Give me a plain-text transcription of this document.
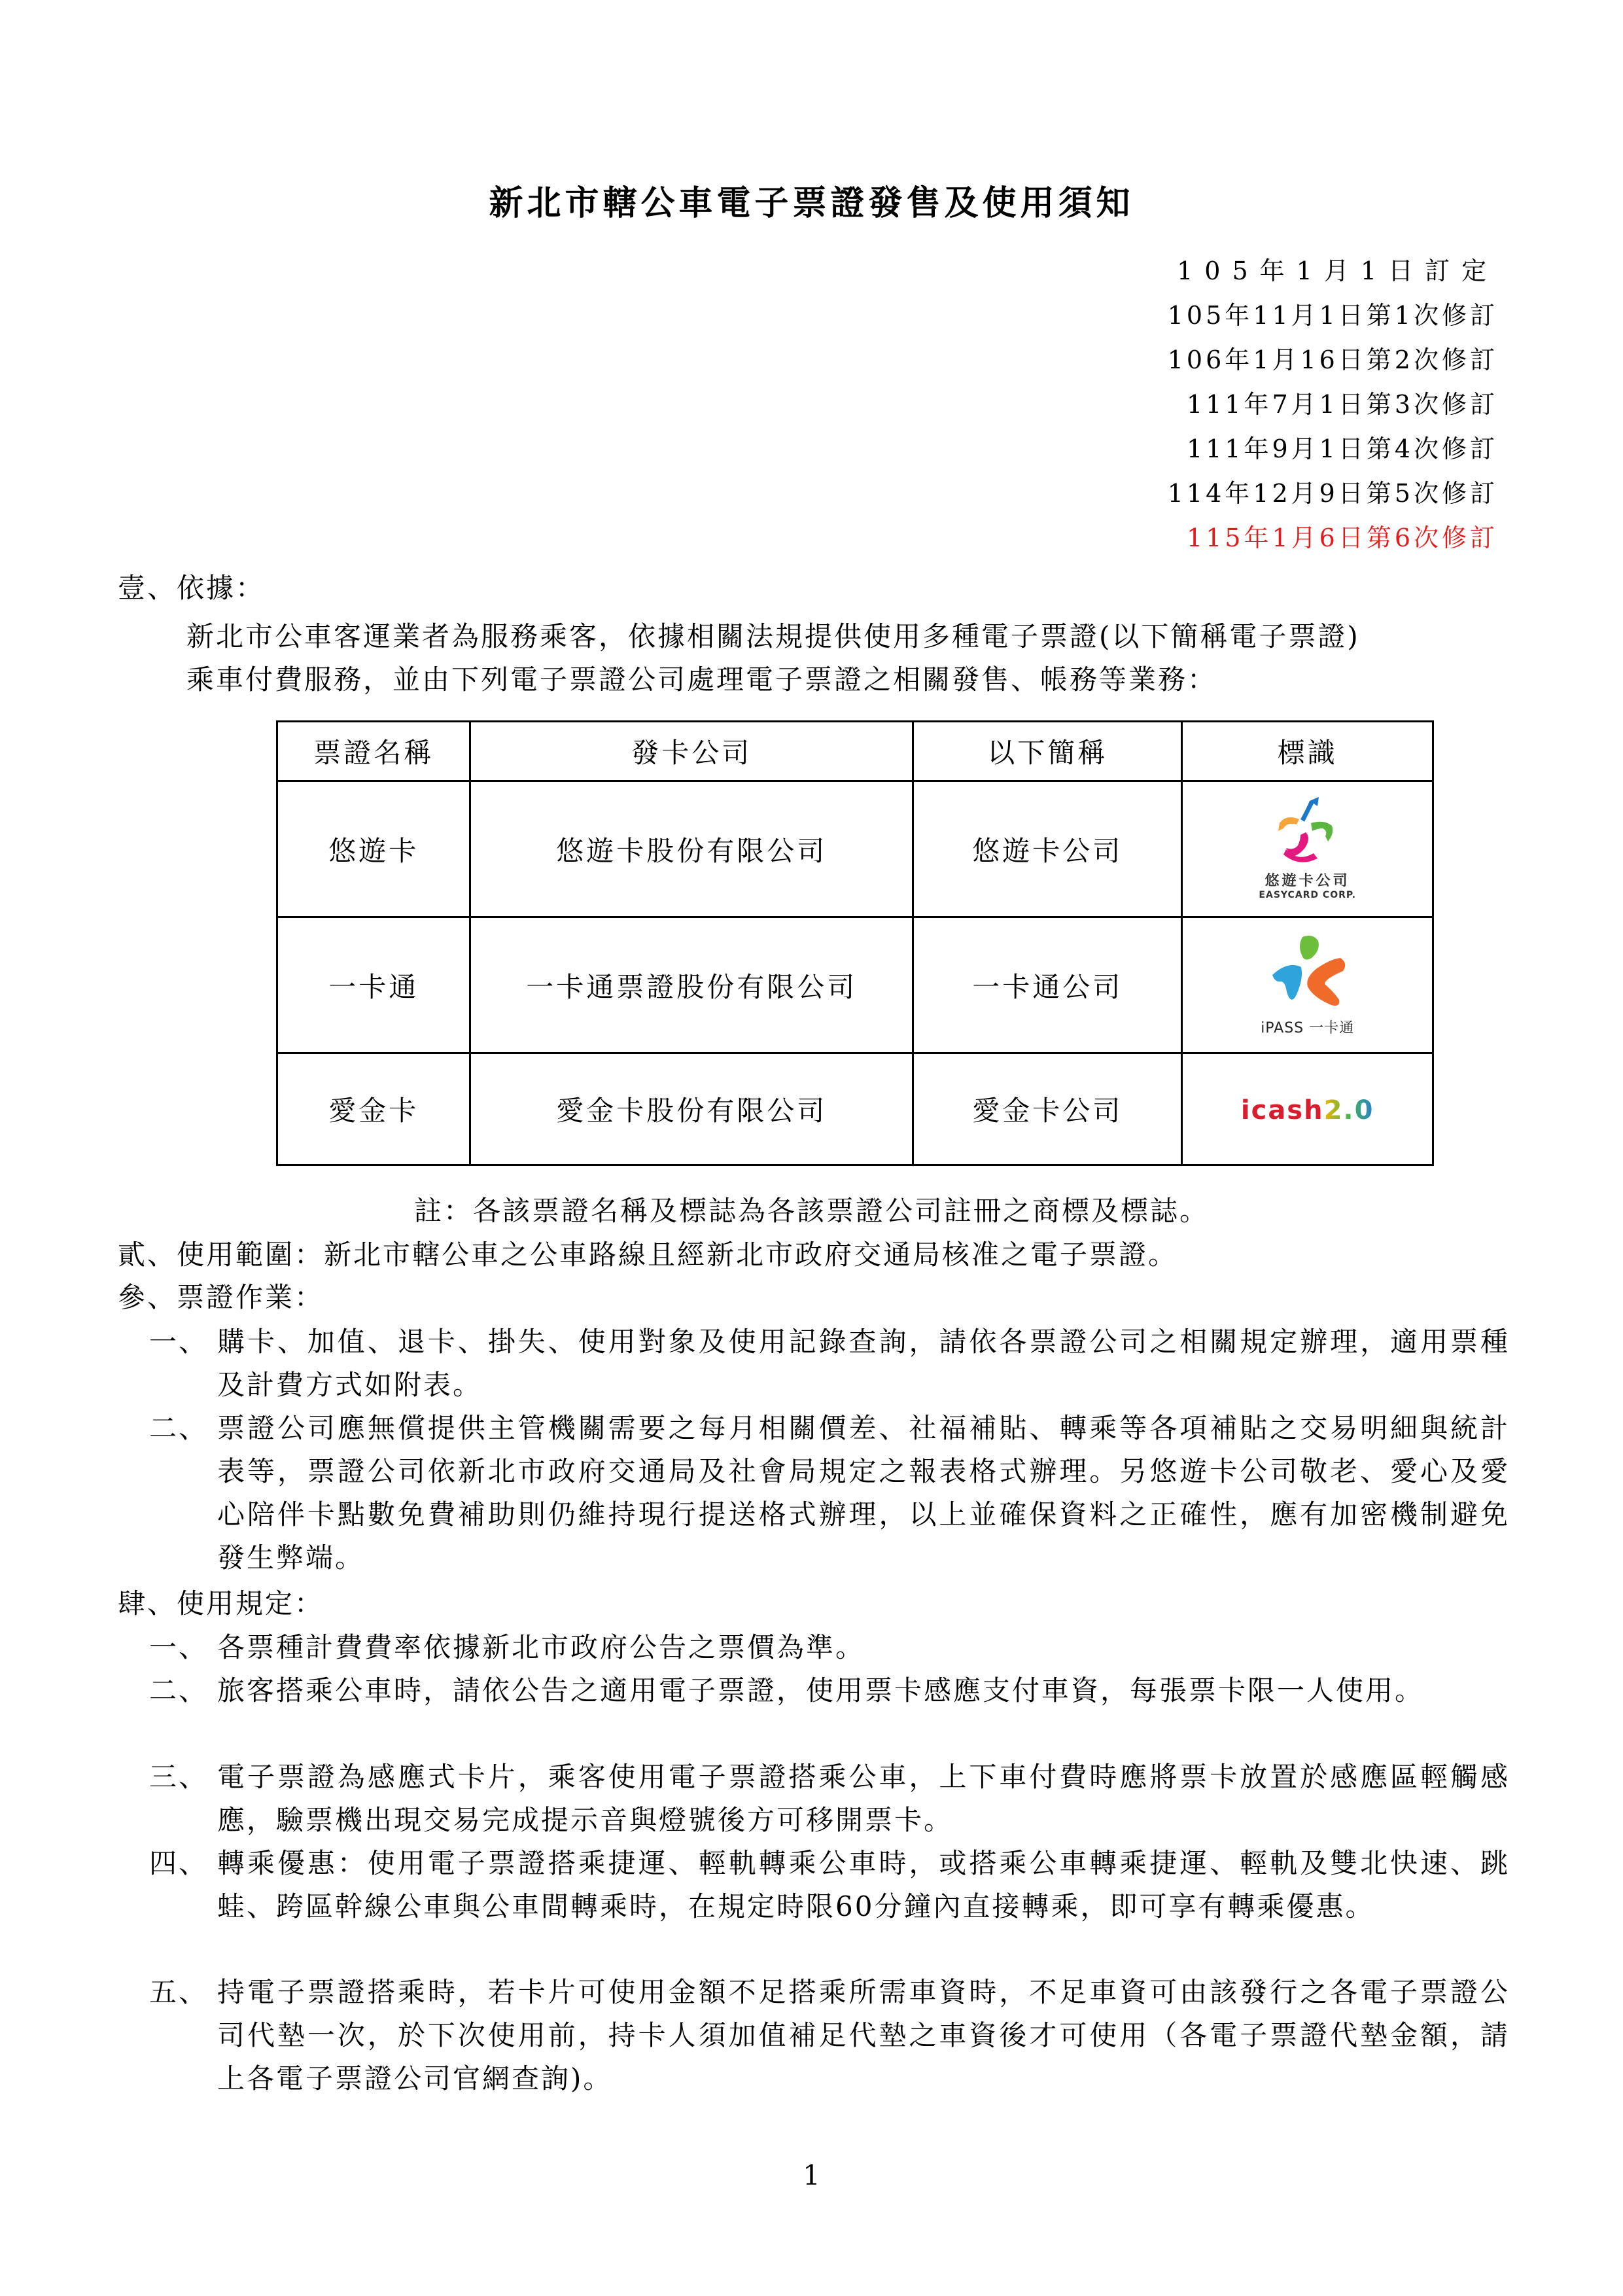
新北市轄公車電子票證發售及使用須知
105年1月1日訂定
105年11月1日第1次修訂
106年1月16日第2次修訂
111年7月1日第3次修訂
111年9月1日第4次修訂
114年12月9日第5次修訂
115年1月6日第6次修訂
壹、依據：
新北市公車客運業者為服務乘客，依據相關法規提供使用多種電子票證(以下簡稱電子票證)
乘車付費服務，並由下列電子票證公司處理電子票證之相關發售、帳務等業務：
票證名稱	發卡公司	以下簡稱	標識
悠遊卡	悠遊卡股份有限公司	悠遊卡公司	悠遊卡公司
EASYCARD CORP.

一卡通	一卡通票證股份有限公司	一卡通公司	iPASS 一卡通

愛金卡	愛金卡股份有限公司	愛金卡公司	icash2.0
註：各該票證名稱及標誌為各該票證公司註冊之商標及標誌。
貳、使用範圍：新北市轄公車之公車路線且經新北市政府交通局核准之電子票證。
參、票證作業：
一、 購卡、加值、退卡、掛失、使用對象及使用記錄查詢，請依各票證公司之相關規定辦理，適用票種及計費方式如附表。
二、 票證公司應無償提供主管機關需要之每月相關價差、社福補貼、轉乘等各項補貼之交易明細與統計表等，票證公司依新北市政府交通局及社會局規定之報表格式辦理。另悠遊卡公司敬老、愛心及愛心陪伴卡點數免費補助則仍維持現行提送格式辦理，以上並確保資料之正確性，應有加密機制避免發生弊端。
肆、使用規定：
一、 各票種計費費率依據新北市政府公告之票價為準。
二、 旅客搭乘公車時，請依公告之適用電子票證，使用票卡感應支付車資，每張票卡限一人使用。
三、 電子票證為感應式卡片，乘客使用電子票證搭乘公車，上下車付費時應將票卡放置於感應區輕觸感應，驗票機出現交易完成提示音與燈號後方可移開票卡。
四、 轉乘優惠：使用電子票證搭乘捷運、輕軌轉乘公車時，或搭乘公車轉乘捷運、輕軌及雙北快速、跳蛙、跨區幹線公車與公車間轉乘時，在規定時限60分鐘內直接轉乘，即可享有轉乘優惠。
五、 持電子票證搭乘時，若卡片可使用金額不足搭乘所需車資時，不足車資可由該發行之各電子票證公司代墊一次，於下次使用前，持卡人須加值補足代墊之車資後才可使用（各電子票證代墊金額，請上各電子票證公司官網查詢)。
1
